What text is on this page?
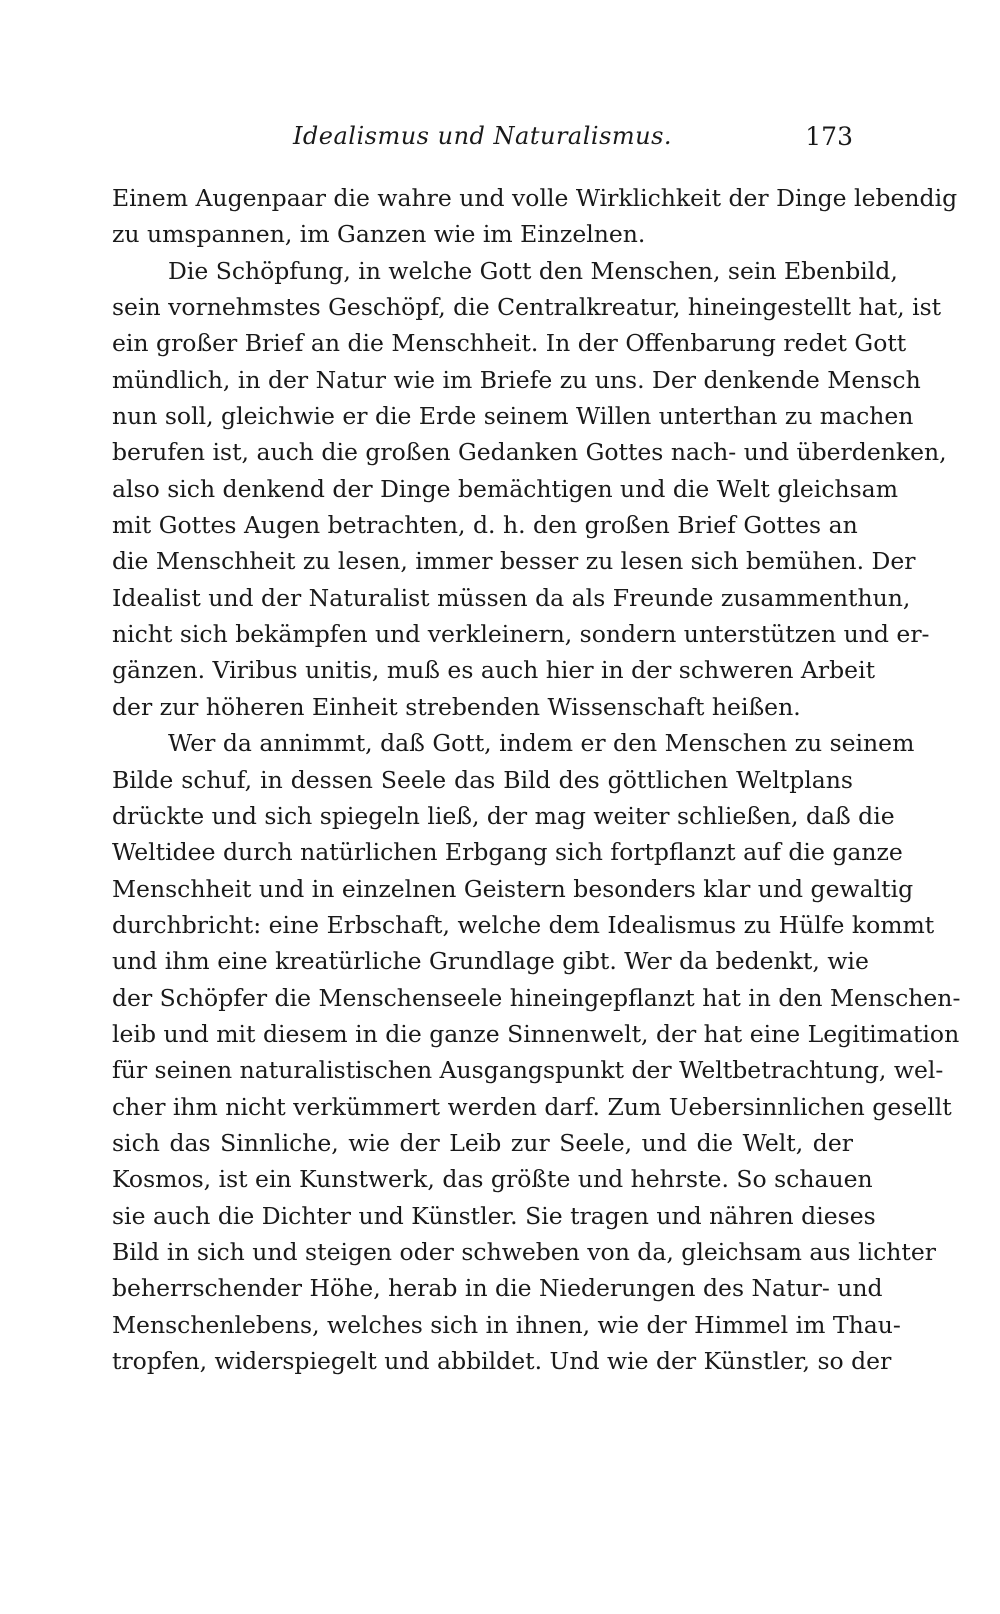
Idealismus und Naturalismus.	173
Einem Augenpaar die wahre und volle Wirklichkeit der Dinge lebendig
zu umspannen, im Ganzen wie im Einzelnen.
Die Schöpfung, in welche Gott den Menschen, sein Ebenbild,
sein vornehmstes Geschöpf, die Centralkreatur, hineingestellt hat, ist
ein großer Brief an die Menschheit. In der Offenbarung redet Gott
mündlich, in der Natur wie im Briefe zu uns. Der denkende Mensch
nun soll, gleichwie er die Erde seinem Willen unterthan zu machen
berufen ist, auch die großen Gedanken Gottes nach- und überdenken,
also sich denkend der Dinge bemächtigen und die Welt gleichsam
mit Gottes Augen betrachten, d. h. den großen Brief Gottes an
die Menschheit zu lesen, immer besser zu lesen sich bemühen. Der
Idealist und der Naturalist müssen da als Freunde zusammenthun,
nicht sich bekämpfen und verkleinern, sondern unterstützen und er-
gänzen. Viribus unitis, muß es auch hier in der schweren Arbeit
der zur höheren Einheit strebenden Wissenschaft heißen.
Wer da annimmt, daß Gott, indem er den Menschen zu seinem
Bilde schuf, in dessen Seele das Bild des göttlichen Weltplans
drückte und sich spiegeln ließ, der mag weiter schließen, daß die
Weltidee durch natürlichen Erbgang sich fortpflanzt auf die ganze
Menschheit und in einzelnen Geistern besonders klar und gewaltig
durchbricht: eine Erbschaft, welche dem Idealismus zu Hülfe kommt
und ihm eine kreatürliche Grundlage gibt. Wer da bedenkt, wie
der Schöpfer die Menschenseele hineingepflanzt hat in den Menschen-
leib und mit diesem in die ganze Sinnenwelt, der hat eine Legitimation
für seinen naturalistischen Ausgangspunkt der Weltbetrachtung, wel-
cher ihm nicht verkümmert werden darf. Zum Uebersinnlichen gesellt
sich das Sinnliche, wie der Leib zur Seele, und die Welt, der
Kosmos, ist ein Kunstwerk, das größte und hehrste. So schauen
sie auch die Dichter und Künstler. Sie tragen und nähren dieses
Bild in sich und steigen oder schweben von da, gleichsam aus lichter
beherrschender Höhe, herab in die Niederungen des Natur- und
Menschenlebens, welches sich in ihnen, wie der Himmel im Thau-
tropfen, widerspiegelt und abbildet. Und wie der Künstler, so der
